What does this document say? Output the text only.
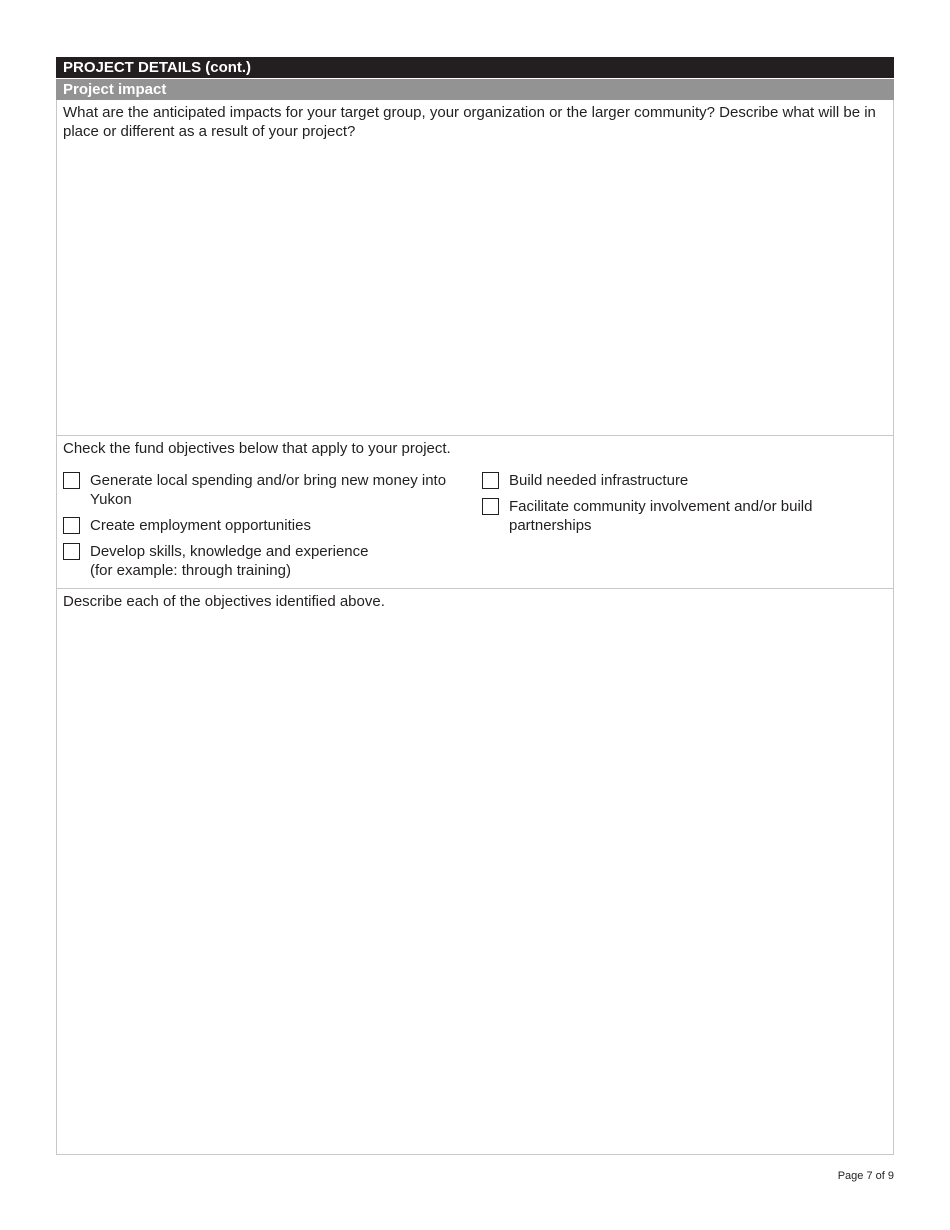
PROJECT DETAILS (cont.)
Project impact
What are the anticipated impacts for your target group, your organization or the larger community? Describe what will be in place or different as a result of your project?
Check the fund objectives below that apply to your project.
Generate local spending and/or bring new money into Yukon
Create employment opportunities
Develop skills, knowledge and experience
(for example: through training)
Build needed infrastructure
Facilitate community involvement and/or build partnerships
Describe each of the objectives identified above.
Page 7 of 9
